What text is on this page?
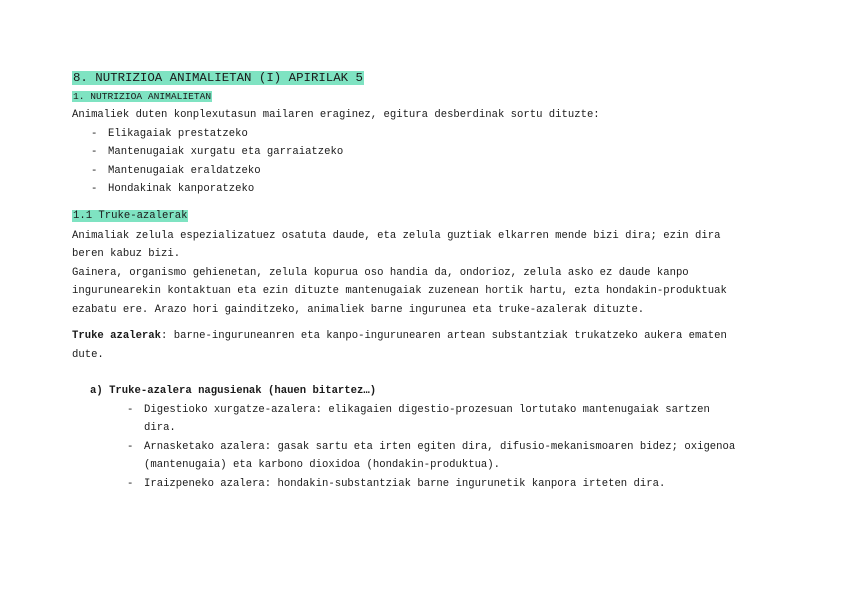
8. NUTRIZIOA ANIMALIETAN (I) APIRILAK 5
1. NUTRIZIOA ANIMALIETAN

Animaliek duten konplexutasun mailaren eraginez, egitura desberdinak sortu dituzte:

- Elikagaiak prestatzeko
- Mantenugaiak xurgatu eta garraiatzeko
- Mantenugaiak eraldatzeko
- Hondakinak kanporatzeko
1.1 Truke-azalerak

Animaliak zelula espezializatuez osatuta daude, eta zelula guztiak elkarren mende bizi dira; ezin dira

beren kabuz bizi.

Gainera, organismo gehienetan, zelula kopurua oso handia da, ondorioz, zelula asko ez daude kanpo

ingurunearekin kontaktuan eta ezin dituzte mantenugaiak zuzenean hortik hartu, ezta hondakin-produktuak

ezabatu ere. Arazo hori gainditzeko, animaliek barne ingurunea eta truke-azalerak dituzte.

Truke azalerak: barne-inguruneanren eta kanpo-ingurunearen artean substantziak trukatzeko aukera ematen

dute.

a) Truke-azalera nagusienak (hauen bitartez…)
- Digestioko xurgatze-azalera: elikagaien digestio-prozesuan lortutako mantenugaiak sartzen
dira.
- Arnasketako azalera: gasak sartu eta irten egiten dira, difusio-mekanismoaren bidez; oxigenoa
(mantenugaia) eta karbono dioxidoa (hondakin-produktua).
- Iraizpeneko azalera: hondakin-substantziak barne ingurunetik kanpora irteten dira.
